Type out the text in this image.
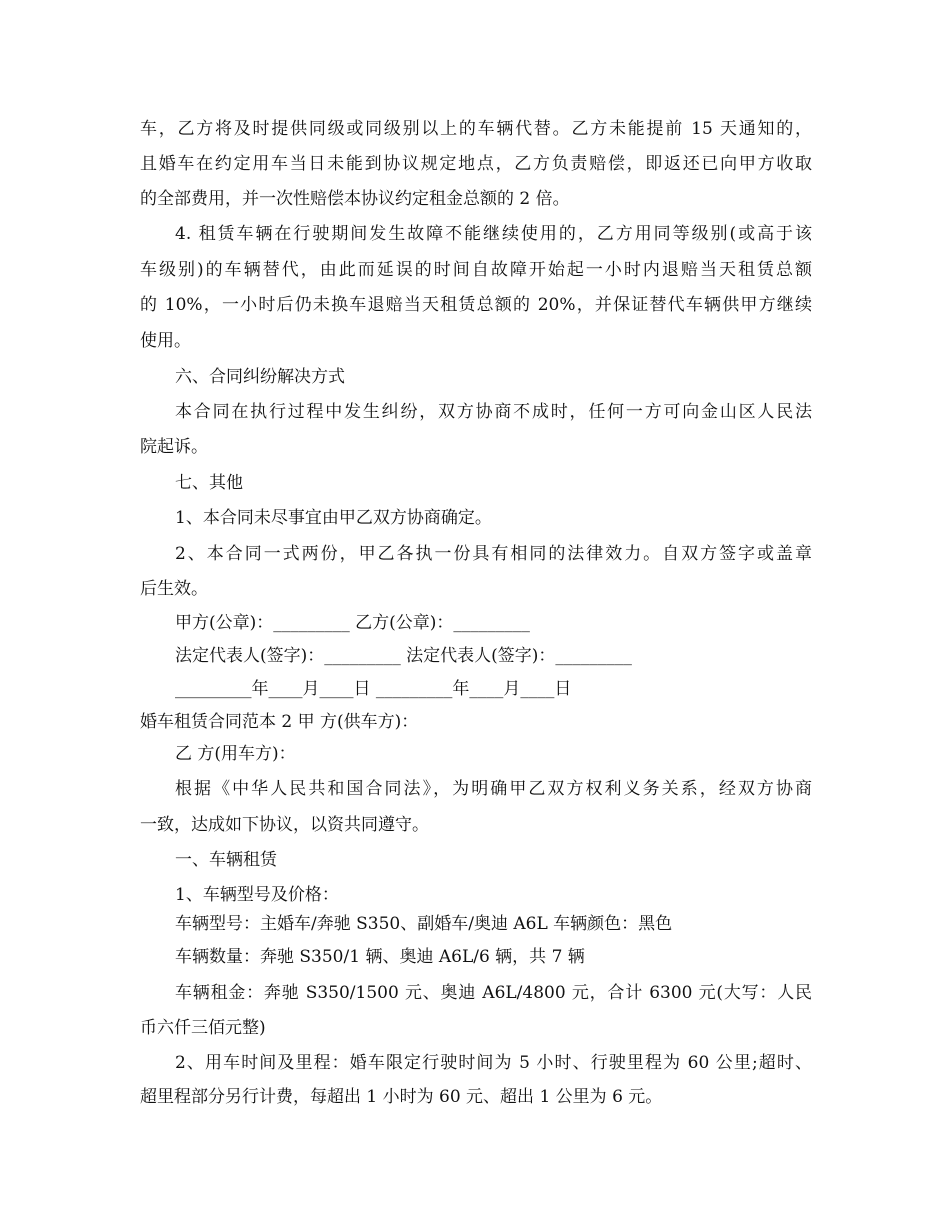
车，乙方将及时提供同级或同级别以上的车辆代替。乙方未能提前 15 天通知的，
且婚车在约定用车当日未能到协议规定地点，乙方负责赔偿，即返还已向甲方收取
的全部费用，并一次性赔偿本协议约定租金总额的 2 倍。
4. 租赁车辆在行驶期间发生故障不能继续使用的，乙方用同等级别(或高于该
车级别)的车辆替代，由此而延误的时间自故障开始起一小时内退赔当天租赁总额
的 10%，一小时后仍未换车退赔当天租赁总额的 20%，并保证替代车辆供甲方继续
使用。
六、合同纠纷解决方式
本合同在执行过程中发生纠纷，双方协商不成时，任何一方可向金山区人民法
院起诉。
七、其他
1、本合同未尽事宜由甲乙双方协商确定。
2、本合同一式两份，甲乙各执一份具有相同的法律效力。自双方签字或盖章
后生效。
甲方(公章)：_________ 乙方(公章)：_________
法定代表人(签字)：_________ 法定代表人(签字)：_________
_________年____月____日 _________年____月____日
婚车租赁合同范本 2 甲 方(供车方)：
乙 方(用车方)：
根据《中华人民共和国合同法》，为明确甲乙双方权利义务关系，经双方协商
一致，达成如下协议，以资共同遵守。
一、车辆租赁
1、车辆型号及价格：
车辆型号：主婚车/奔驰 S350、副婚车/奥迪 A6L 车辆颜色：黑色
车辆数量：奔驰 S350/1 辆、奥迪 A6L/6 辆，共 7 辆
车辆租金：奔驰 S350/1500 元、奥迪 A6L/4800 元，合计 6300 元(大写：人民
币六仟三佰元整)
2、用车时间及里程：婚车限定行驶时间为 5 小时、行驶里程为 60 公里;超时、
超里程部分另行计费，每超出 1 小时为 60 元、超出 1 公里为 6 元。
